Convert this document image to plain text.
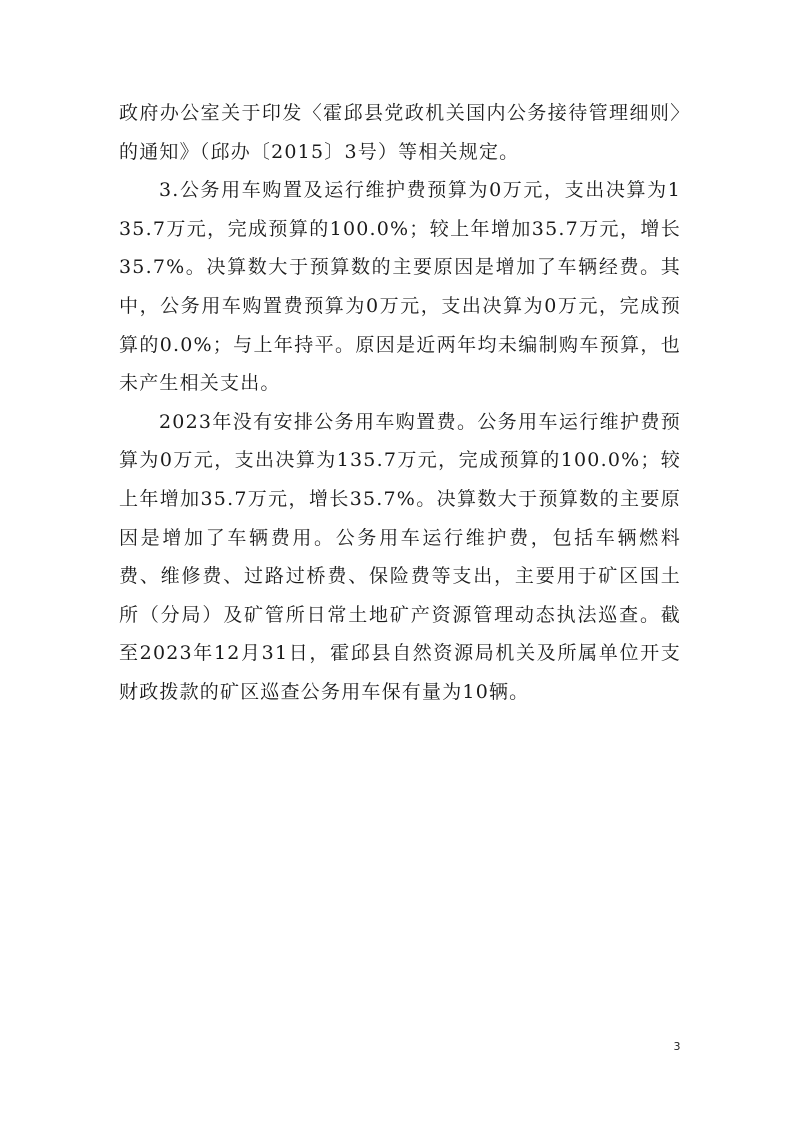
政府办公室关于印发〈霍邱县党政机关国内公务接待管理细则〉的通知》（邱办〔2015〕3号）等相关规定。

3.公务用车购置及运行维护费预算为0万元，支出决算为135.7万元，完成预算的100.0%；较上年增加35.7万元，增长35.7%。决算数大于预算数的主要原因是增加了车辆经费。其中，公务用车购置费预算为0万元，支出决算为0万元，完成预算的0.0%；与上年持平。原因是近两年均未编制购车预算，也未产生相关支出。

2023年没有安排公务用车购置费。公务用车运行维护费预算为0万元，支出决算为135.7万元，完成预算的100.0%；较上年增加35.7万元，增长35.7%。决算数大于预算数的主要原因是增加了车辆费用。公务用车运行维护费，包括车辆燃料费、维修费、过路过桥费、保险费等支出，主要用于矿区国土所（分局）及矿管所日常土地矿产资源管理动态执法巡查。截至2023年12月31日，霍邱县自然资源局机关及所属单位开支财政拨款的矿区巡查公务用车保有量为10辆。

3
